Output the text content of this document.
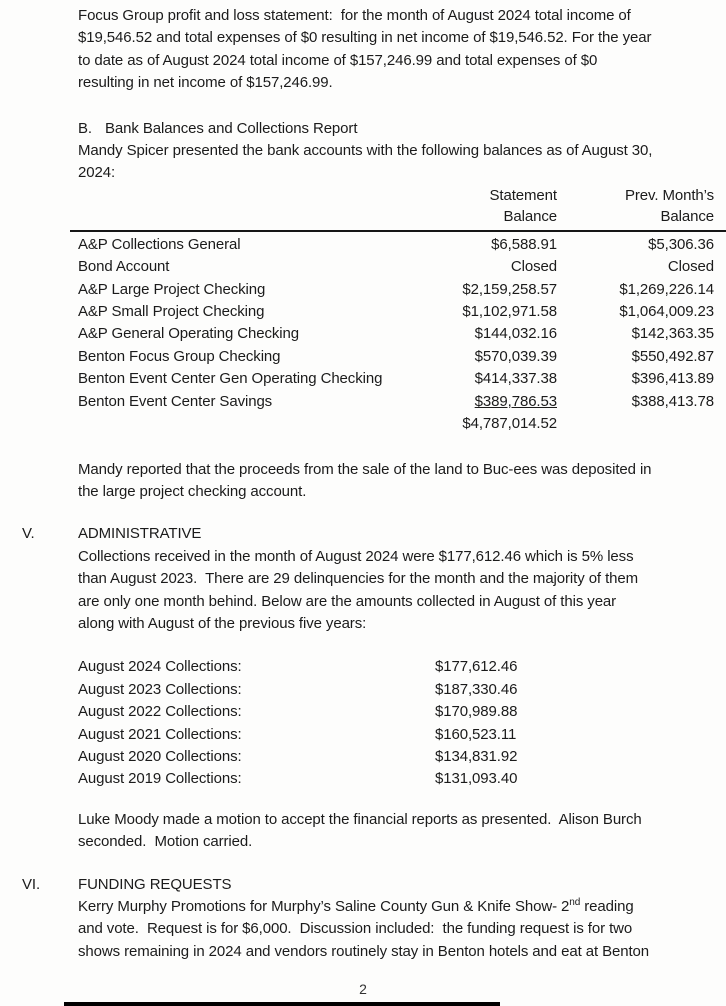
Focus Group profit and loss statement:  for the month of August 2024 total income of
$19,546.52 and total expenses of $0 resulting in net income of $19,546.52. For the year
to date as of August 2024 total income of $157,246.99 and total expenses of $0
resulting in net income of $157,246.99.
B. Bank Balances and Collections Report
Mandy Spicer presented the bank accounts with the following balances as of August 30,
2024:
Statement	Prev. Month’s
Balance	Balance
A&P Collections General	$6,588.91	$5,306.36
Bond Account	Closed	Closed
A&P Large Project Checking	$2,159,258.57	$1,269,226.14
A&P Small Project Checking	$1,102,971.58	$1,064,009.23
A&P General Operating Checking	$144,032.16	$142,363.35
Benton Focus Group Checking	$570,039.39	$550,492.87
Benton Event Center Gen Operating Checking	$414,337.38	$396,413.89
Benton Event Center Savings	$389,786.53	$388,413.78
$4,787,014.52
Mandy reported that the proceeds from the sale of the land to Buc-ees was deposited in
the large project checking account.
V.	ADMINISTRATIVE
Collections received in the month of August 2024 were $177,612.46 which is 5% less
than August 2023.  There are 29 delinquencies for the month and the majority of them
are only one month behind. Below are the amounts collected in August of this year
along with August of the previous five years:
August 2024 Collections:	$177,612.46
August 2023 Collections:	$187,330.46
August 2022 Collections:	$170,989.88
August 2021 Collections:	$160,523.11
August 2020 Collections:	$134,831.92
August 2019 Collections:	$131,093.40
Luke Moody made a motion to accept the financial reports as presented.  Alison Burch
seconded.  Motion carried.
VI.	FUNDING REQUESTS
Kerry Murphy Promotions for Murphy’s Saline County Gun & Knife Show- 2nd reading
and vote.  Request is for $6,000.  Discussion included:  the funding request is for two
shows remaining in 2024 and vendors routinely stay in Benton hotels and eat at Benton
2
